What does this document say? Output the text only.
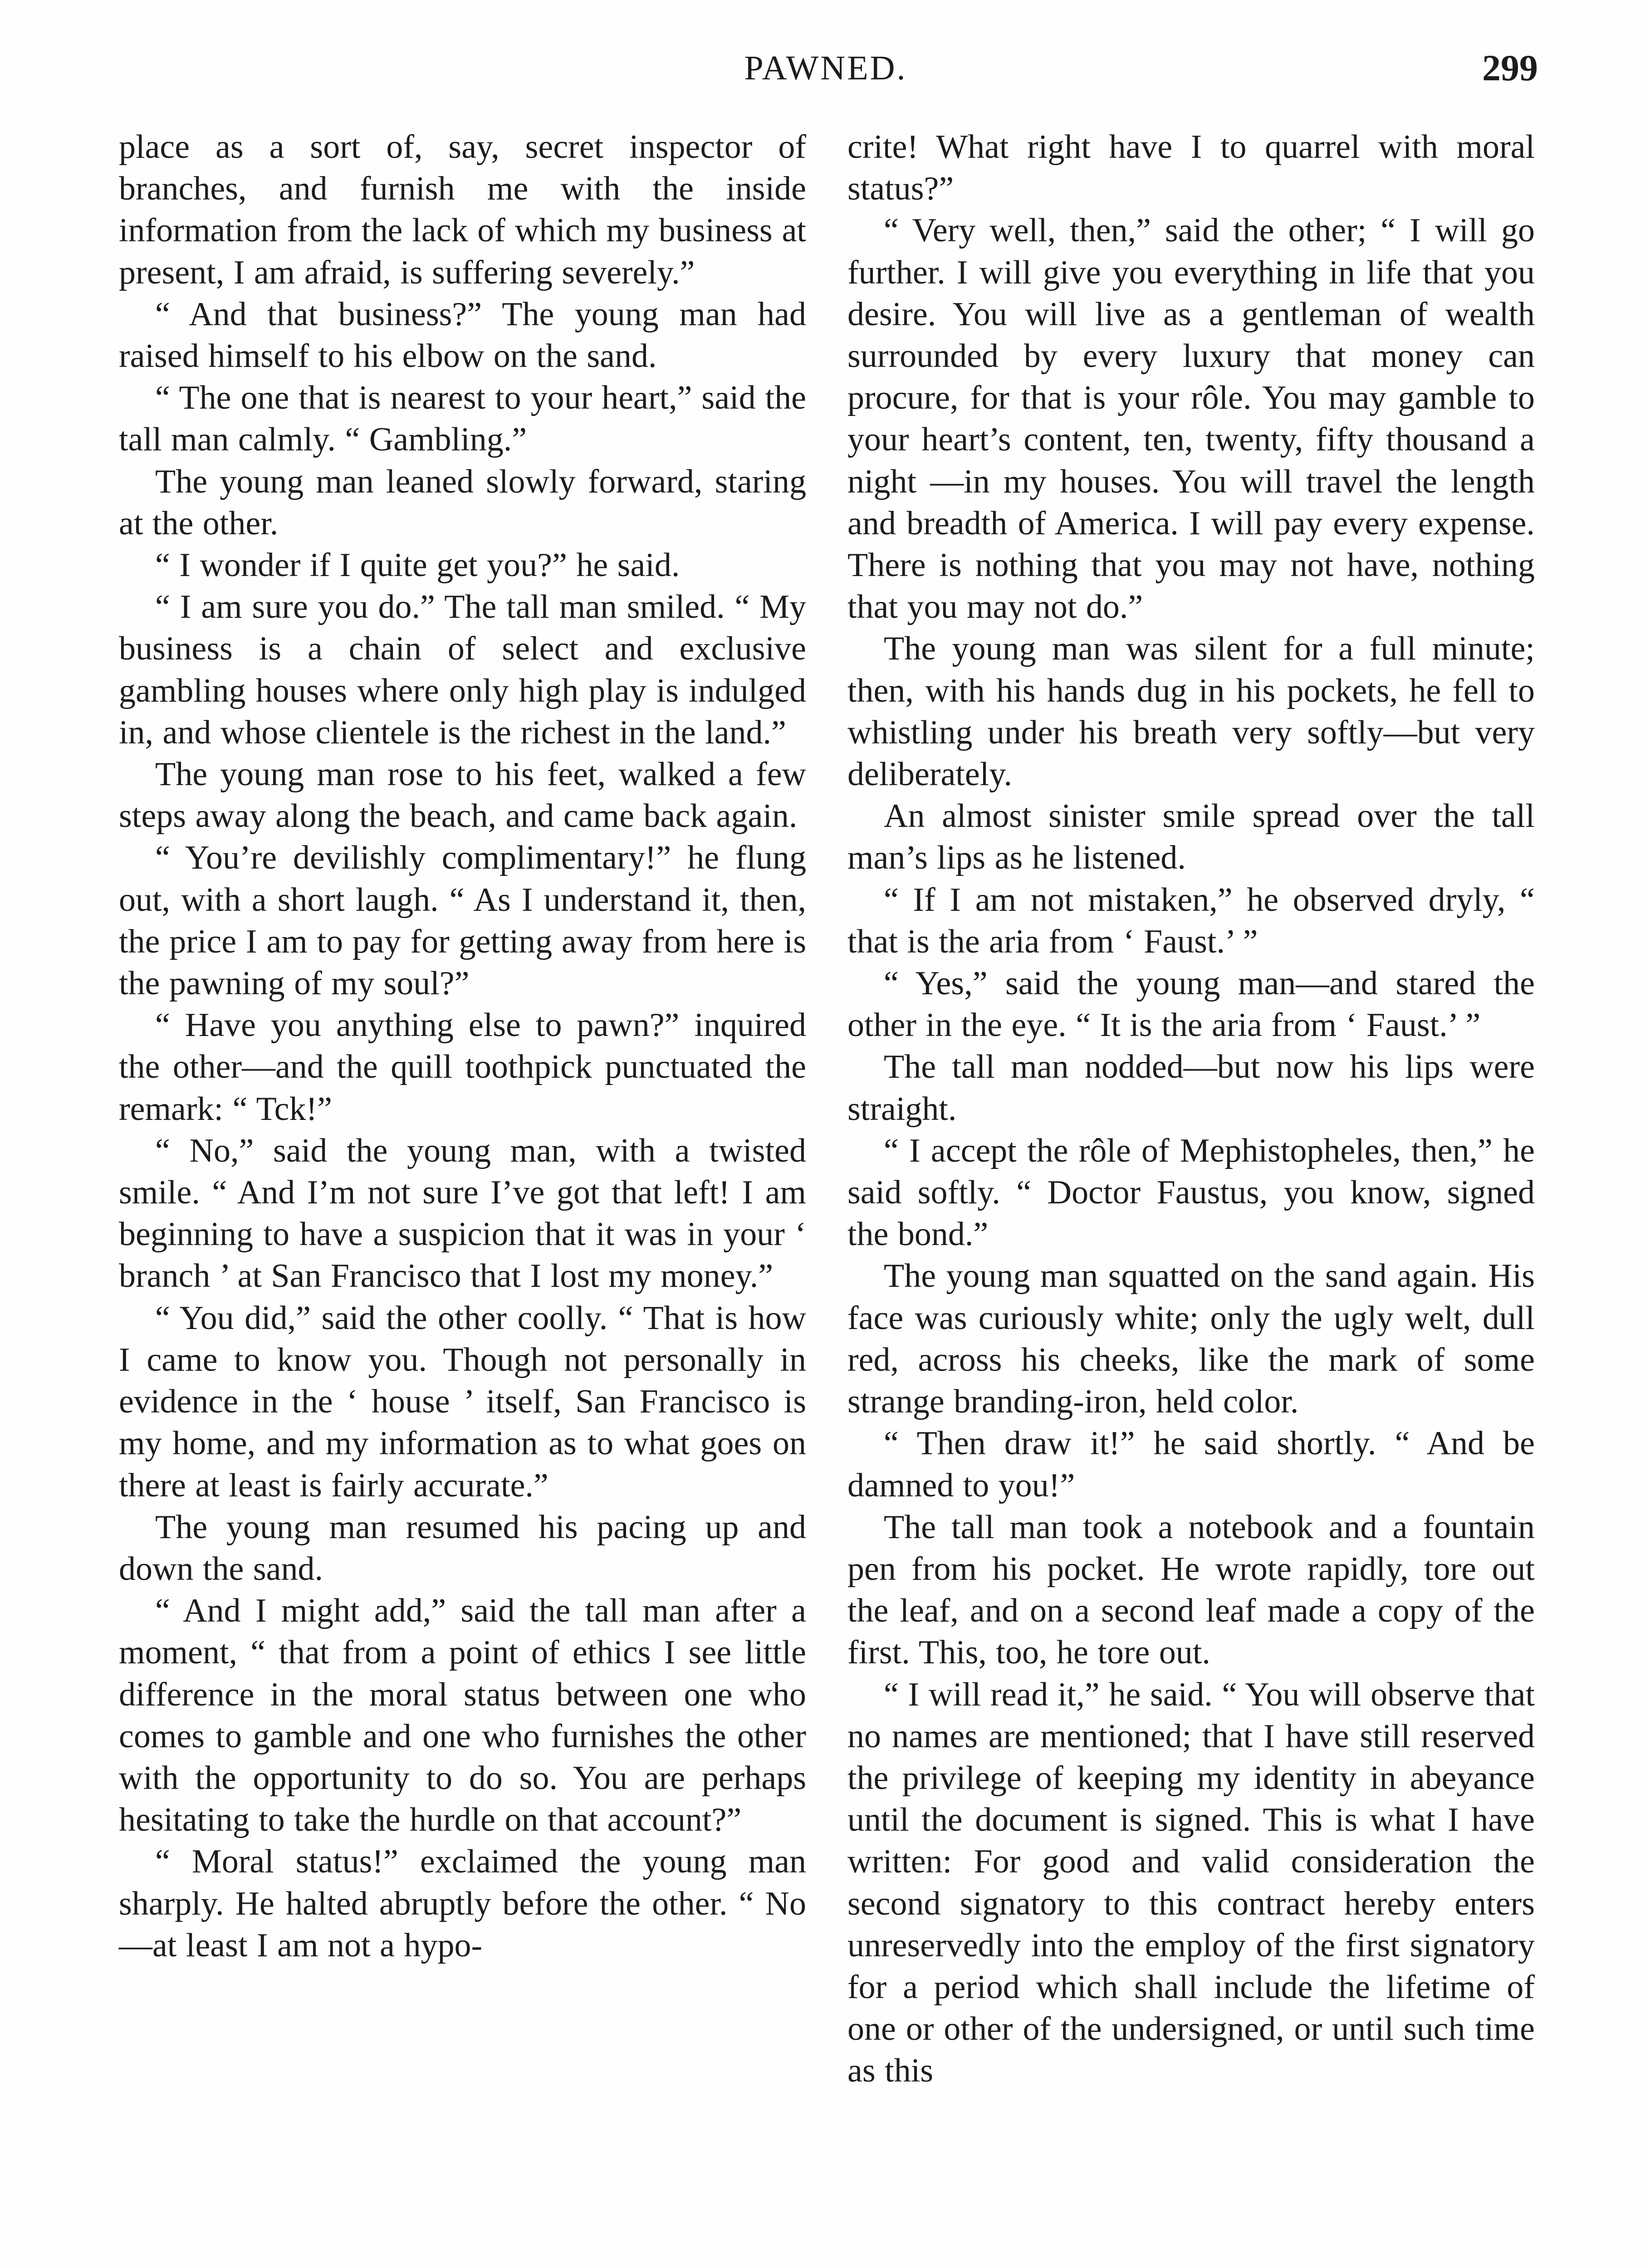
PAWNED.	299

place as a sort of, say, secret inspector of branches, and furnish me with the inside information from the lack of which my business at present, I am afraid, is suffering severely.”

“ And that business?” The young man had raised himself to his elbow on the sand.

“ The one that is nearest to your heart,” said the tall man calmly. “ Gambling.”

The young man leaned slowly forward, staring at the other.

“ I wonder if I quite get you?” he said.

“ I am sure you do.” The tall man smiled. “ My business is a chain of select and exclusive gambling houses where only high play is indulged in, and whose clientele is the richest in the land.”

The young man rose to his feet, walked a few steps away along the beach, and came back again.

“ You’re devilishly complimentary!” he flung out, with a short laugh. “ As I understand it, then, the price I am to pay for getting away from here is the pawning of my soul?”

“ Have you anything else to pawn?” inquired the other—and the quill toothpick punctuated the remark: “ Tck!”

“ No,” said the young man, with a twisted smile. “ And I’m not sure I’ve got that left! I am beginning to have a suspicion that it was in your ‘ branch ’ at San Francisco that I lost my money.”

“ You did,” said the other coolly. “ That is how I came to know you. Though not personally in evidence in the ‘ house ’ itself, San Francisco is my home, and my information as to what goes on there at least is fairly accurate.”

The young man resumed his pacing up and down the sand.

“ And I might add,” said the tall man after a moment, “ that from a point of ethics I see little difference in the moral status between one who comes to gamble and one who furnishes the other with the opportunity to do so. You are perhaps hesitating to take the hurdle on that account?”

“ Moral status!” exclaimed the young man sharply. He halted abruptly before the other. “ No—at least I am not a hypo-

crite! What right have I to quarrel with moral status?”

“ Very well, then,” said the other; “ I will go further. I will give you everything in life that you desire. You will live as a gentleman of wealth surrounded by every luxury that money can procure, for that is your rôle. You may gamble to your heart’s content, ten, twenty, fifty thousand a night —in my houses. You will travel the length and breadth of America. I will pay every expense. There is nothing that you may not have, nothing that you may not do.”

The young man was silent for a full minute; then, with his hands dug in his pockets, he fell to whistling under his breath very softly—but very deliberately.

An almost sinister smile spread over the tall man’s lips as he listened.

“ If I am not mistaken,” he observed dryly, “ that is the aria from ‘ Faust.’ ”

“ Yes,” said the young man—and stared the other in the eye. “ It is the aria from ‘ Faust.’ ”

The tall man nodded—but now his lips were straight.

“ I accept the rôle of Mephistopheles, then,” he said softly. “ Doctor Faustus, you know, signed the bond.”

The young man squatted on the sand again. His face was curiously white; only the ugly welt, dull red, across his cheeks, like the mark of some strange branding-iron, held color.

“ Then draw it!” he said shortly. “ And be damned to you!”

The tall man took a notebook and a fountain pen from his pocket. He wrote rapidly, tore out the leaf, and on a second leaf made a copy of the first. This, too, he tore out.

“ I will read it,” he said. “ You will observe that no names are mentioned; that I have still reserved the privilege of keeping my identity in abeyance until the document is signed. This is what I have written: For good and valid consideration the second signatory to this contract hereby enters unreservedly into the employ of the first signatory for a period which shall include the lifetime of one or other of the undersigned, or until such time as this
